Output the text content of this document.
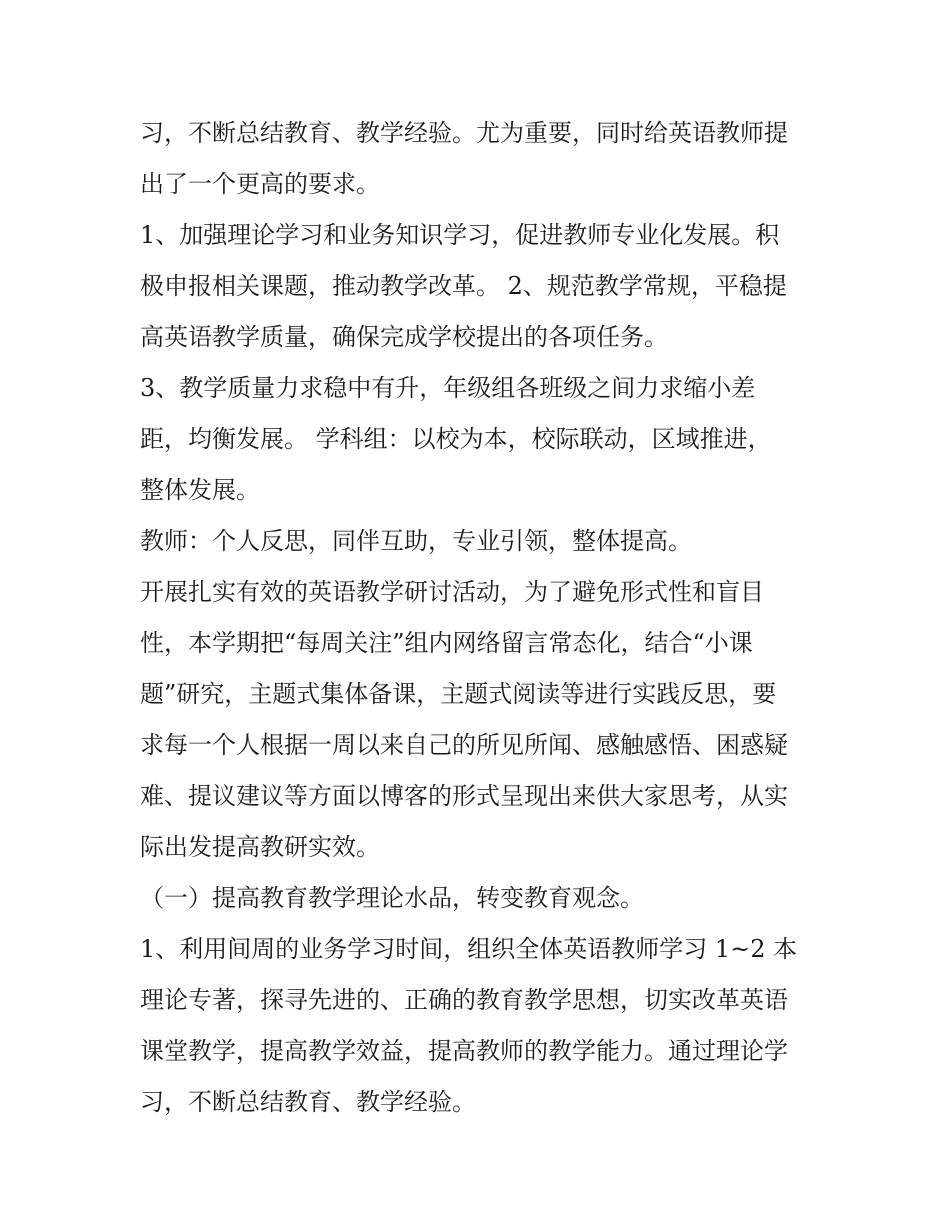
习，不断总结教育、教学经验。尤为重要，同时给英语教师提
出了一个更高的要求。
1、加强理论学习和业务知识学习，促进教师专业化发展。积
极申报相关课题，推动教学改革。 2、规范教学常规，平稳提
高英语教学质量，确保完成学校提出的各项任务。
3、教学质量力求稳中有升，年级组各班级之间力求缩小差
距，均衡发展。 学科组：以校为本，校际联动，区域推进，
整体发展。
教师：个人反思，同伴互助，专业引领，整体提高。
开展扎实有效的英语教学研讨活动，为了避免形式性和盲目
性，本学期把“每周关注”组内网络留言常态化，结合“小课
题”研究，主题式集体备课，主题式阅读等进行实践反思，要
求每一个人根据一周以来自己的所见所闻、感触感悟、困惑疑
难、提议建议等方面以博客的形式呈现出来供大家思考，从实
际出发提高教研实效。
（一）提高教育教学理论水品，转变教育观念。
1、利用间周的业务学习时间，组织全体英语教师学习 1~2 本
理论专著，探寻先进的、正确的教育教学思想，切实改革英语
课堂教学，提高教学效益，提高教师的教学能力。通过理论学
习，不断总结教育、教学经验。
